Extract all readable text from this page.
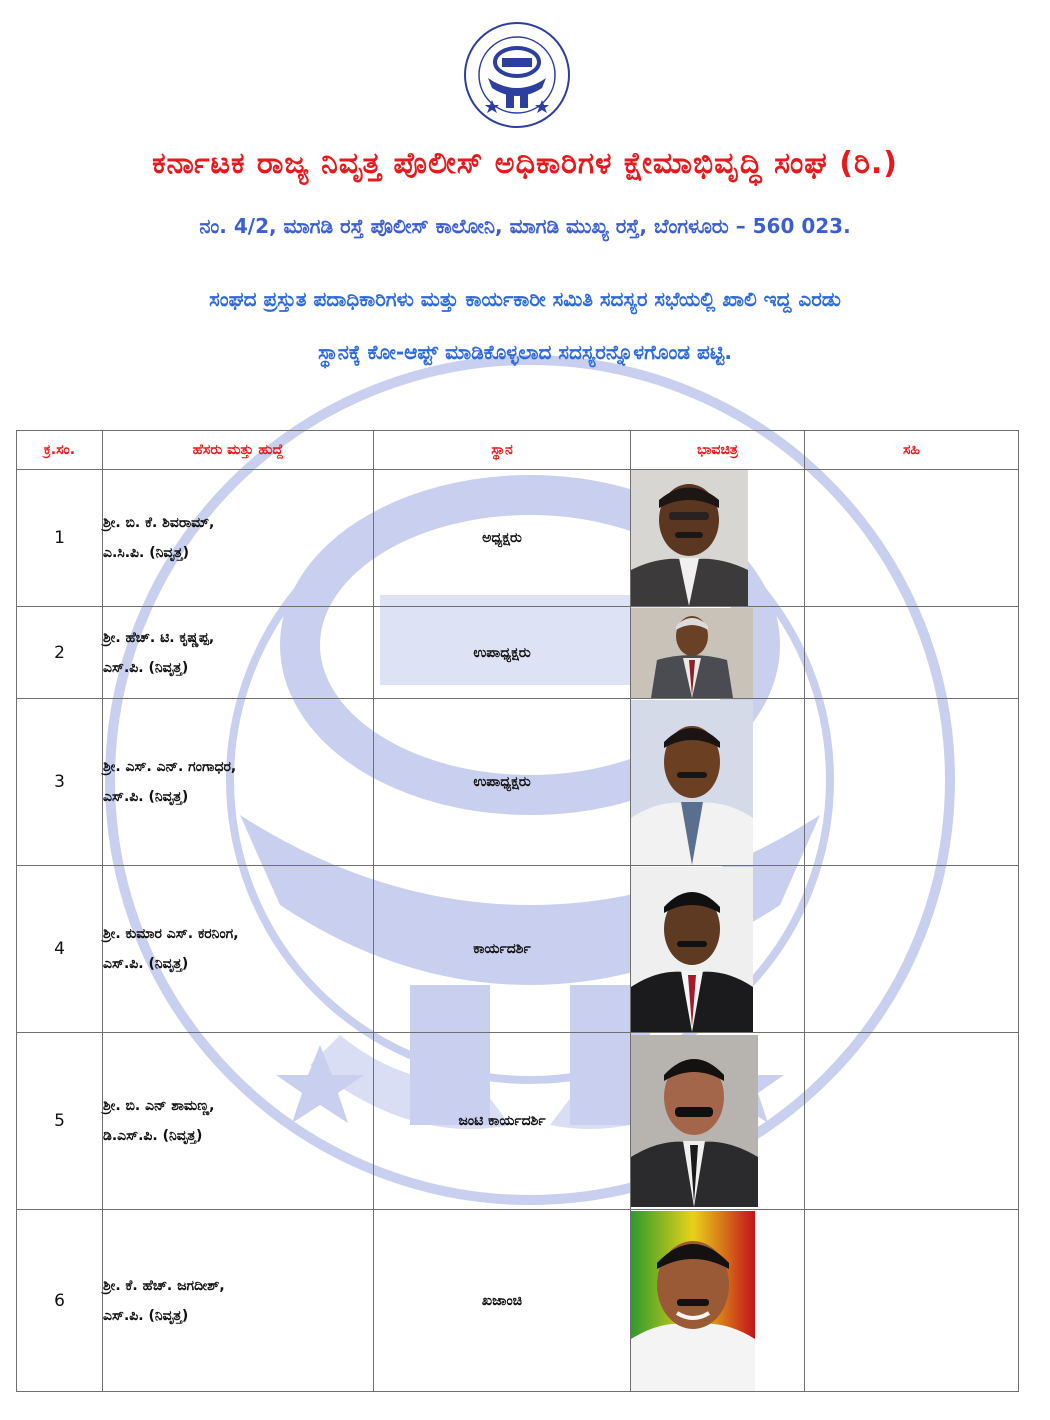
ಕರ್ನಾಟಕ ರಾಜ್ಯ ನಿವೃತ್ತ ಪೊಲೀಸ್ ಅಧಿಕಾರಿಗಳ ಕ್ಷೇಮಾಭಿವೃದ್ಧಿ ಸಂಘ (ರಿ.)
ನಂ. 4/2, ಮಾಗಡಿ ರಸ್ತೆ ಪೊಲೀಸ್ ಕಾಲೋನಿ, ಮಾಗಡಿ ಮುಖ್ಯ ರಸ್ತೆ, ಬೆಂಗಳೂರು – 560 023.
ಸಂಘದ ಪ್ರಸ್ತುತ ಪದಾಧಿಕಾರಿಗಳು ಮತ್ತು ಕಾರ್ಯಕಾರೀ ಸಮಿತಿ ಸದಸ್ಯರ ಸಭೆಯಲ್ಲಿ ಖಾಲಿ ಇದ್ದ ಎರಡು
ಸ್ಥಾನಕ್ಕೆ ಕೋ-ಆಪ್ಟ್ ಮಾಡಿಕೊಳ್ಳಲಾದ ಸದಸ್ಯರನ್ನೊಳಗೊಂಡ ಪಟ್ಟಿ.
ಕ್ರ.ಸಂ.	ಹೆಸರು ಮತ್ತು ಹುದ್ದೆ	ಸ್ಥಾನ	ಭಾವಚಿತ್ರ	ಸಹಿ
1	ಶ್ರೀ. ಬಿ. ಕೆ. ಶಿವರಾಮ್,
ಎ.ಸಿ.ಪಿ. (ನಿವೃತ್ತ)	ಅಧ್ಯಕ್ಷರು	

2	ಶ್ರೀ. ಹೆಚ್. ಟಿ. ಕೃಷ್ಣಪ್ಪ,
ಎಸ್.ಪಿ. (ನಿವೃತ್ತ)	ಉಪಾಧ್ಯಕ್ಷರು	

3	ಶ್ರೀ. ಎಸ್. ಎನ್. ಗಂಗಾಧರ,
ಎಸ್.ಪಿ. (ನಿವೃತ್ತ)	ಉಪಾಧ್ಯಕ್ಷರು	

4	ಶ್ರೀ. ಕುಮಾರ ಎಸ್. ಕರನಿಂಗ,
ಎಸ್.ಪಿ. (ನಿವೃತ್ತ)	ಕಾರ್ಯದರ್ಶಿ	

5	ಶ್ರೀ. ಬಿ. ಎನ್ ಶಾಮಣ್ಣ,
ಡಿ.ಎಸ್.ಪಿ. (ನಿವೃತ್ತ)	ಜಂಟಿ ಕಾರ್ಯದರ್ಶಿ	

6	ಶ್ರೀ. ಕೆ. ಹೆಚ್. ಜಗದೀಶ್,
ಎಸ್.ಪಿ. (ನಿವೃತ್ತ)	ಖಜಾಂಚಿ	
